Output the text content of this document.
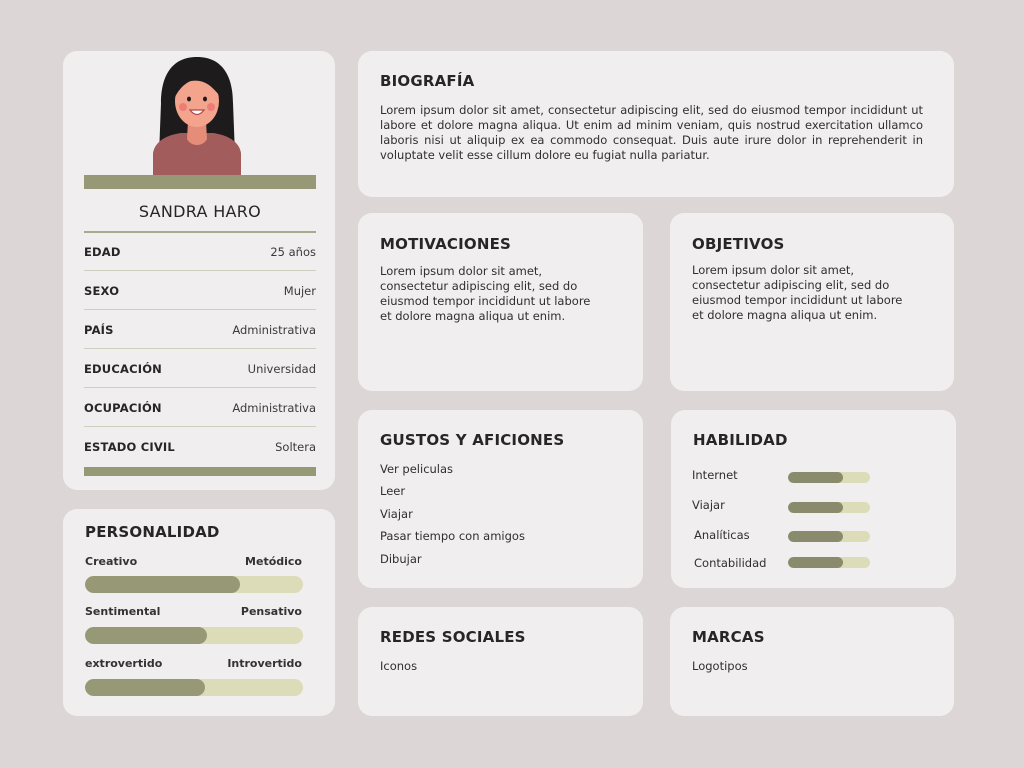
SANDRA HARO
EDAD	25 años
SEXO	Mujer
PAÍS	Administrativa
EDUCACIÓN	Universidad
OCUPACIÓN	Administrativa
ESTADO CIVIL	Soltera
PERSONALIDAD
Creativo	Metódico
Sentimental	Pensativo
extrovertido	Introvertido
BIOGRAFÍA
Lorem ipsum dolor sit amet, consectetur adipiscing elit, sed do eiusmod tempor incididunt ut labore et dolore magna aliqua. Ut enim ad minim veniam, quis nostrud exercitation ullamco laboris nisi ut aliquip ex ea commodo consequat. Duis aute irure dolor in reprehenderit in voluptate velit esse cillum dolore eu fugiat nulla pariatur.
MOTIVACIONES
Lorem ipsum dolor sit amet, consectetur adipiscing elit, sed do eiusmod tempor incididunt ut labore et dolore magna aliqua ut enim.
OBJETIVOS
Lorem ipsum dolor sit amet, consectetur adipiscing elit, sed do eiusmod tempor incididunt ut labore et dolore magna aliqua ut enim.
GUSTOS Y AFICIONES
Ver peliculas
Leer
Viajar
Pasar tiempo con amigos
Dibujar
HABILIDAD
Internet
Viajar
Analíticas
Contabilidad
REDES SOCIALES
Iconos
MARCAS
Logotipos
